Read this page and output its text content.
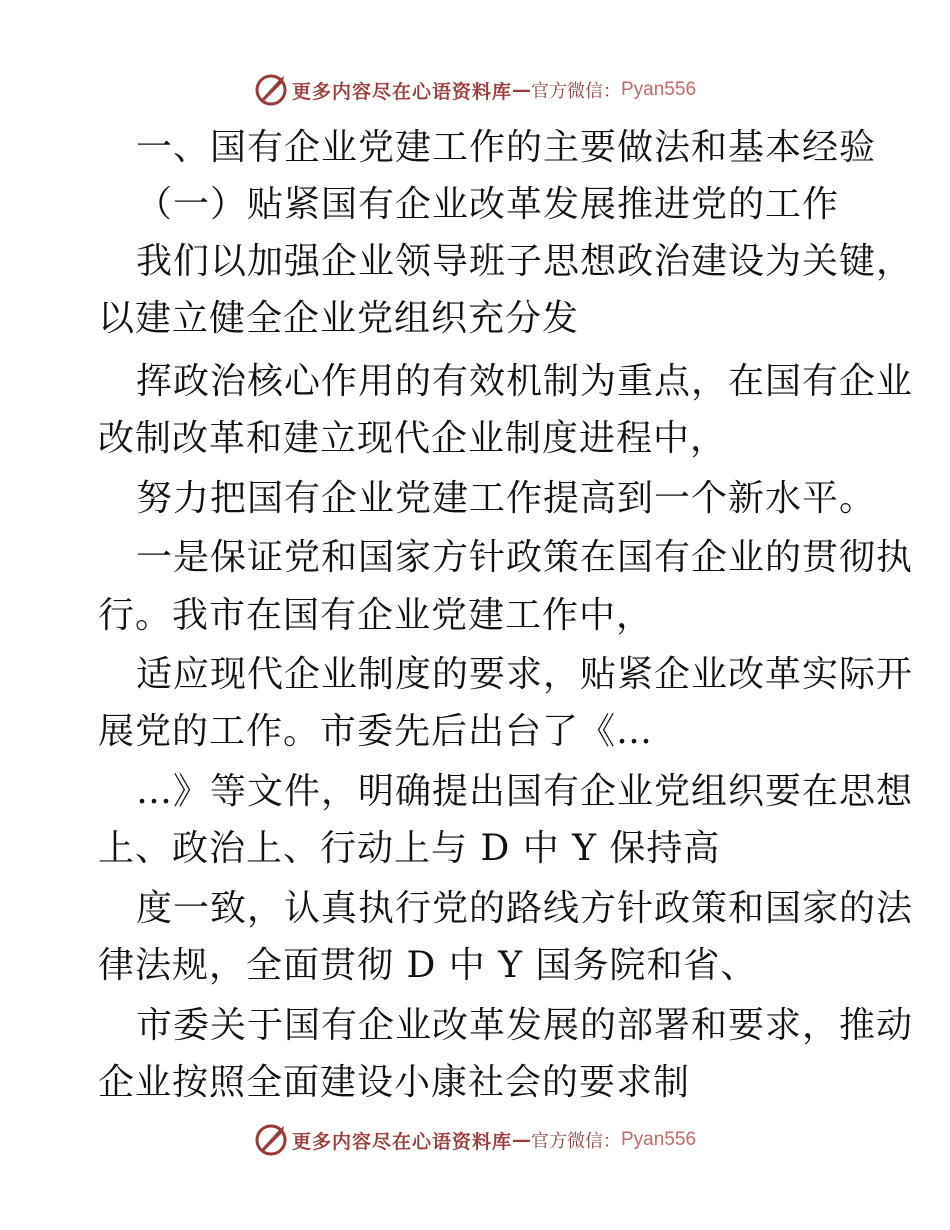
更多内容尽在心语资料库 — 官方微信： Pyan556
一、国有企业党建工作的主要做法和基本经验
（一）贴紧国有企业改革发展推进党的工作
我们以加强企业领导班子思想政治建设为关键，
以建立健全企业党组织充分发
挥政治核心作用的有效机制为重点，在国有企业
改制改革和建立现代企业制度进程中，
努力把国有企业党建工作提高到一个新水平。
一是保证党和国家方针政策在国有企业的贯彻执
行。我市在国有企业党建工作中，
适应现代企业制度的要求，贴紧企业改革实际开
展党的工作。市委先后出台了《…
…》等文件，明确提出国有企业党组织要在思想
上、政治上、行动上与 D 中 Y 保持高
度一致，认真执行党的路线方针政策和国家的法
律法规，全面贯彻 D 中 Y 国务院和省、
市委关于国有企业改革发展的部署和要求，推动
企业按照全面建设小康社会的要求制
更多内容尽在心语资料库 — 官方微信： Pyan556
